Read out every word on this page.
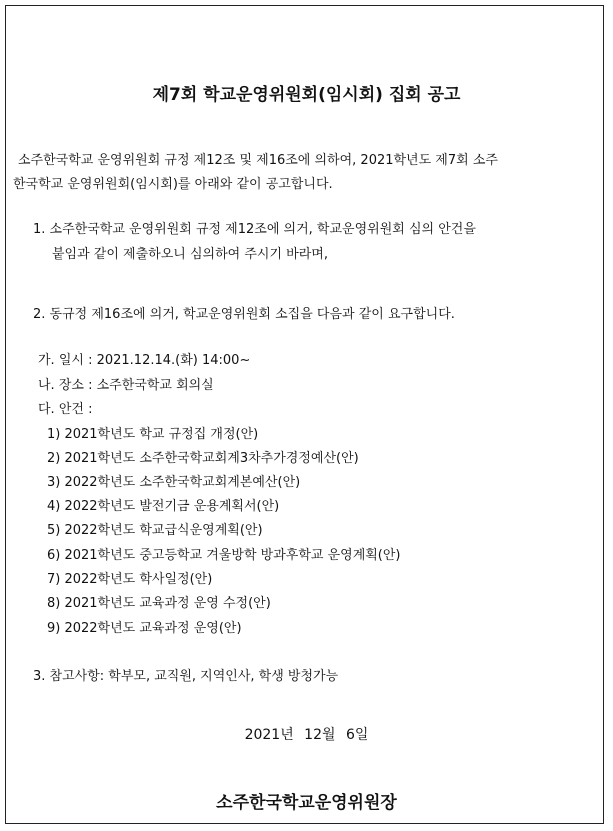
제7회 학교운영위원회(임시회) 집회 공고
소주한국학교 운영위원회 규정 제12조 및 제16조에 의하여, 2021학년도 제7회 소주
한국학교 운영위원회(임시회)를 아래와 같이 공고합니다.
1. 소주한국학교 운영위원회 규정 제12조에 의거, 학교운영위원회 심의 안건을
붙임과 같이 제출하오니 심의하여 주시기 바라며,
2. 동규정 제16조에 의거, 학교운영위원회 소집을 다음과 같이 요구합니다.
가. 일시 : 2021.12.14.(화) 14:00~
나. 장소 : 소주한국학교 회의실
다. 안건 :
1) 2021학년도 학교 규정집 개정(안)
2) 2021학년도 소주한국학교회계3차추가경정예산(안)
3) 2022학년도 소주한국학교회계본예산(안)
4) 2022학년도 발전기금 운용계획서(안)
5) 2022학년도 학교급식운영계획(안)
6) 2021학년도 중고등학교 겨울방학 방과후학교 운영계획(안)
7) 2022학년도 학사일정(안)
8) 2021학년도 교육과정 운영 수정(안)
9) 2022학년도 교육과정 운영(안)
3. 참고사항: 학부모, 교직원, 지역인사, 학생 방청가능
2021년 12월 6일
소주한국학교운영위원장
